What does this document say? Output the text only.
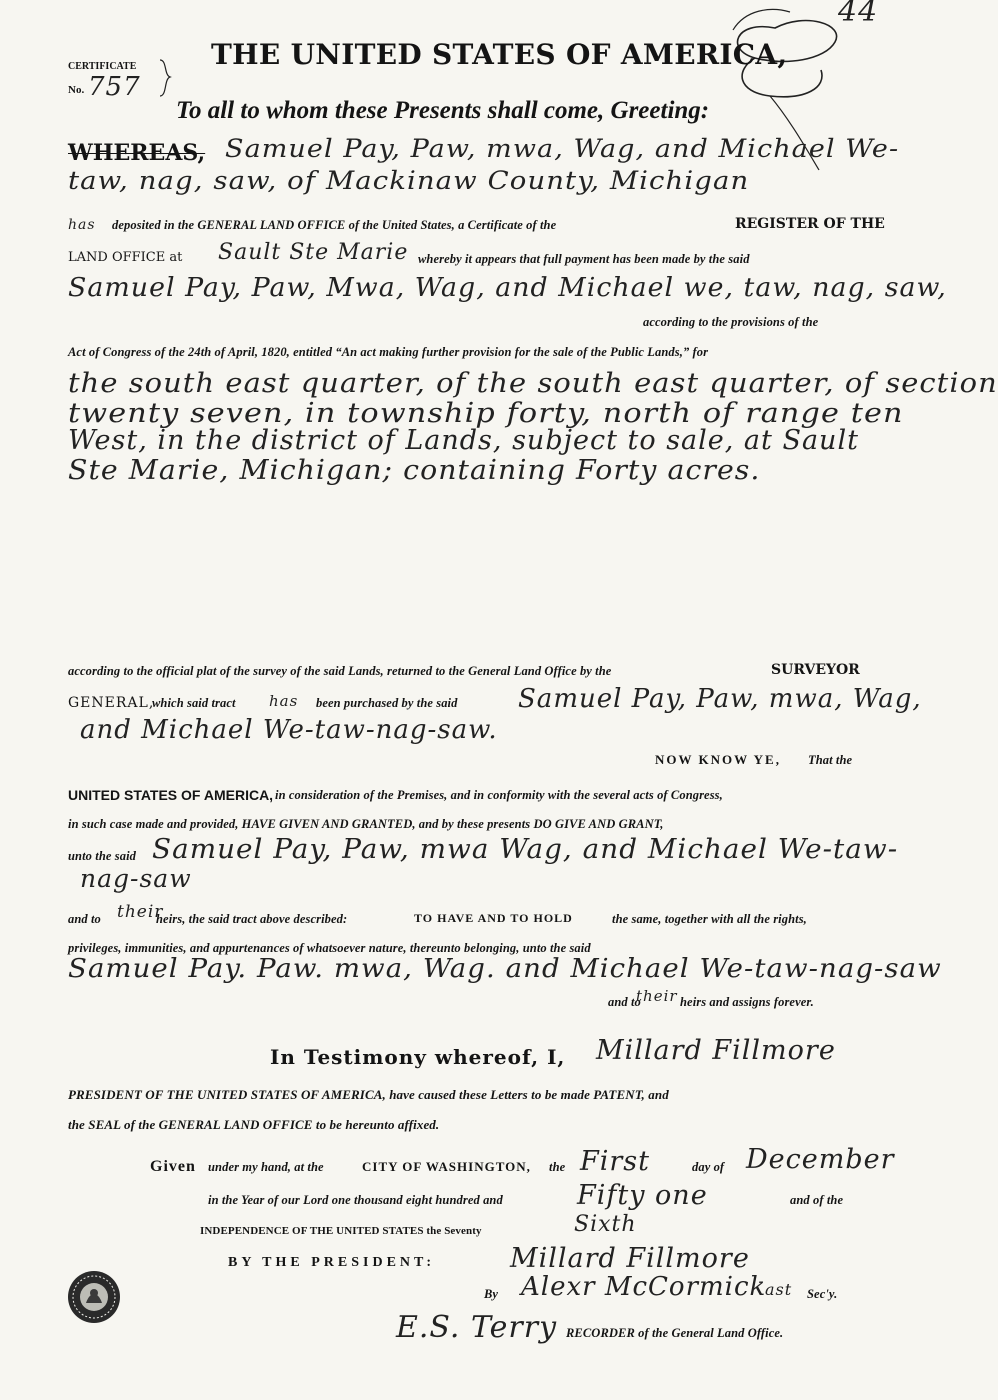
44
CERTIFICATE
No. 757
THE UNITED STATES OF AMERICA,
To all to whom these Presents shall come, Greeting:
WHEREAS, Samuel Pay, Paw, mwa, Wag, and Michael We-
taw, nag, saw, of Mackinaw County, Michigan
has deposited in the GENERAL LAND OFFICE of the United States, a Certificate of the	REGISTER OF THE
LAND OFFICE at Sault Ste Marie whereby it appears that full payment has been made by the said
Samuel Pay, Paw, Mwa, Wag, and Michael we, taw, nag, saw,
according to the provisions of the
Act of Congress of the 24th of April, 1820, entitled “An act making further provision for the sale of the Public Lands,” for
the south east quarter, of the south east quarter, of section
twenty seven, in township forty, north of range ten
West, in the district of Lands, subject to sale, at Sault
Ste Marie, Michigan; containing Forty acres.
according to the official plat of the survey of the said Lands, returned to the General Land Office by the	SURVEYOR
GENERAL,
which said tract has been purchased by the said Samuel Pay, Paw, mwa, Wag,
and Michael We-taw-nag-saw.
NOW KNOW YE, That the
UNITED STATES OF AMERICA, in consideration of the Premises, and in conformity with the several acts of Congress,
in such case made and provided, HAVE GIVEN AND GRANTED, and by these presents DO GIVE AND GRANT,
unto the said Samuel Pay, Paw, mwa Wag, and Michael We-taw-
nag-saw
and to their
heirs, the said tract above described:	TO HAVE AND TO HOLD	the same, together with all the rights,
privileges, immunities, and appurtenances of whatsoever nature, thereunto belonging, unto the said
Samuel Pay. Paw. mwa, Wag. and Michael We-taw-nag-saw
and to
their heirs and assigns forever.
In Testimony whereof, I, Millard Fillmore
PRESIDENT OF THE UNITED STATES OF AMERICA, have caused these Letters to be made PATENT, and
the SEAL of the GENERAL LAND OFFICE to be hereunto affixed.
Given under my hand, at the	CITY OF WASHINGTON, the First	day of December
in the Year of our Lord one thousand eight hundred and	Fifty one	and of the
INDEPENDENCE OF THE UNITED STATES the Seventy	Sixth
BY THE PRESIDENT:	Millard Fillmore
By Alexr McCormick
ast Sec'y.
E.S. Terry RECORDER of the General Land Office.
